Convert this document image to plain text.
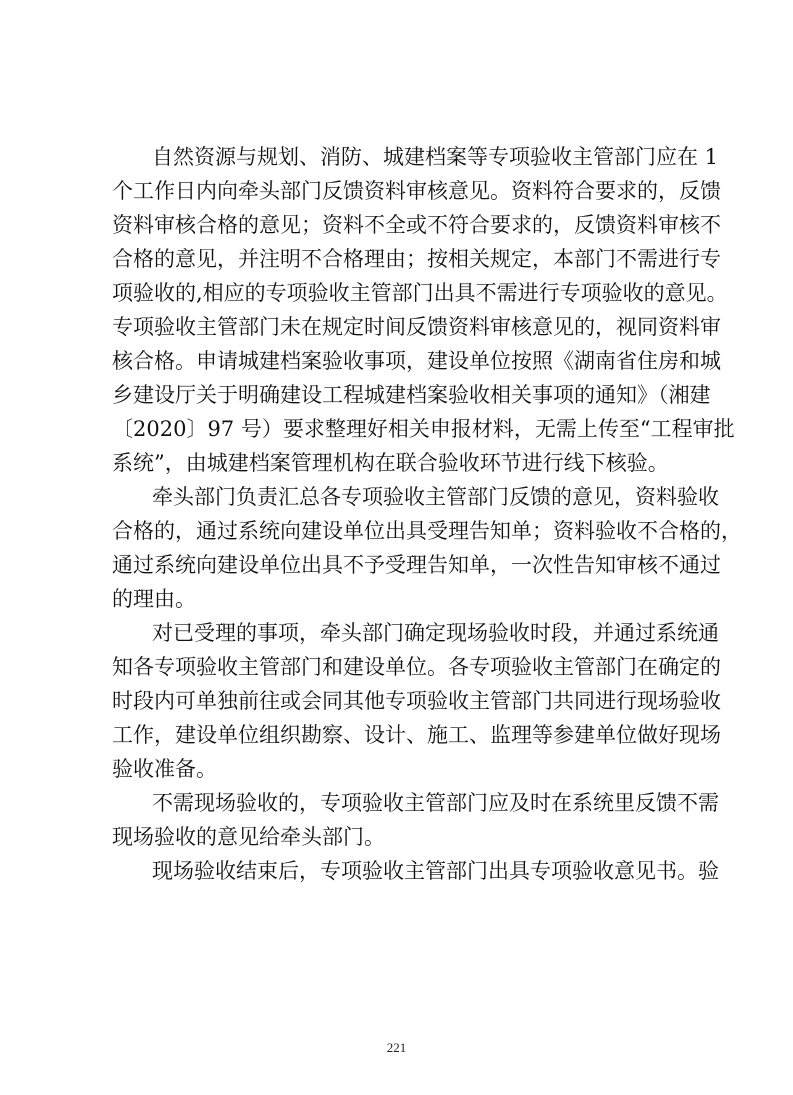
自然资源与规划、消防、城建档案等专项验收主管部门应在 1
个工作日内向牵头部门反馈资料审核意见。资料符合要求的，反馈
资料审核合格的意见；资料不全或不符合要求的，反馈资料审核不
合格的意见，并注明不合格理由；按相关规定，本部门不需进行专
项验收的,相应的专项验收主管部门出具不需进行专项验收的意见。
专项验收主管部门未在规定时间反馈资料审核意见的，视同资料审
核合格。申请城建档案验收事项，建设单位按照《湖南省住房和城
乡建设厅关于明确建设工程城建档案验收相关事项的通知》（湘建
〔2020〕97 号）要求整理好相关申报材料，无需上传至“工程审批
系统”，由城建档案管理机构在联合验收环节进行线下核验。
牵头部门负责汇总各专项验收主管部门反馈的意见，资料验收
合格的，通过系统向建设单位出具受理告知单；资料验收不合格的，
通过系统向建设单位出具不予受理告知单，一次性告知审核不通过
的理由。
对已受理的事项，牵头部门确定现场验收时段，并通过系统通
知各专项验收主管部门和建设单位。各专项验收主管部门在确定的
时段内可单独前往或会同其他专项验收主管部门共同进行现场验收
工作，建设单位组织勘察、设计、施工、监理等参建单位做好现场
验收准备。
不需现场验收的，专项验收主管部门应及时在系统里反馈不需
现场验收的意见给牵头部门。
现场验收结束后，专项验收主管部门出具专项验收意见书。验
221
